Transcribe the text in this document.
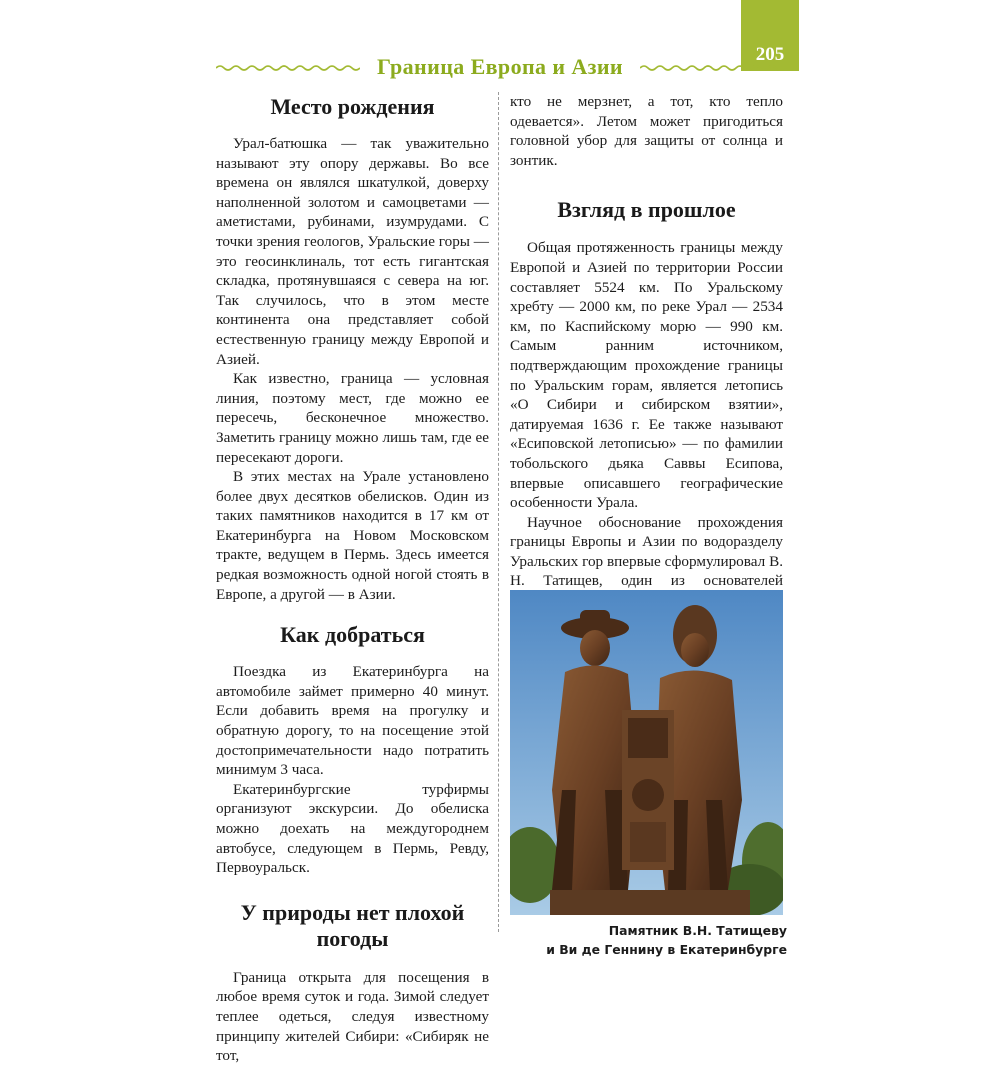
205
Граница Европа и Азии
Место рождения

Урал-батюшка — так уважительно называют эту опору державы. Во все времена он являлся шкатулкой, доверху наполненной золотом и самоцветами — аметистами, рубинами, изумрудами. С точки зрения геологов, Уральские горы — это геосинклиналь, тот есть гигантская складка, протянувшаяся с севера на юг. Так случилось, что в этом месте континента она представляет собой естественную границу между Европой и Азией.

Как известно, граница — условная линия, поэтому мест, где можно ее пересечь, бесконечное множество. Заметить границу можно лишь там, где ее пересекают дороги.

В этих местах на Урале установлено более двух десятков обелисков. Один из таких памятников находится в 17 км от Екатеринбурга на Новом Московском тракте, ведущем в Пермь. Здесь имеется редкая возможность одной ногой стоять в Европе, а другой — в Азии.

Как добраться

Поездка из Екатеринбурга на автомобиле займет примерно 40 минут. Если добавить время на прогулку и обратную дорогу, то на посещение этой достопримечательности надо потратить минимум 3 часа.

Екатеринбургские турфирмы организуют экскурсии. До обелиска можно доехать на междугороднем автобусе, следующем в Пермь, Ревду, Первоуральск.

У природы нет плохой погоды

Граница открыта для посещения в любое время суток и года. Зимой следует теплее одеться, следуя известному принципу жителей Сибири: «Сибиряк не тот,

кто не мерзнет, а тот, кто тепло одевается». Летом может пригодиться головной убор для защиты от солнца и зонтик.

Взгляд в прошлое

Общая протяженность границы между Европой и Азией по территории России составляет 5524 км. По Уральскому хребту — 2000 км, по реке Урал — 2534 км, по Каспийскому морю — 990 км. Самым ранним источником, подтверждающим прохождение границы по Уральским горам, является летопись «О Сибири и сибирском взятии», датируемая 1636 г. Ее также называют «Есиповской летописью» — по фамилии тобольского дьяка Саввы Есипова, впервые описавшего географические особенности Урала.

Научное обоснование прохождения границы Европы и Азии по водоразделу Уральских гор впервые сформулировал В. Н. Татищев, один из основателей

Памятник В.Н. Татищеву
и Ви де Геннину в Екатеринбурге
